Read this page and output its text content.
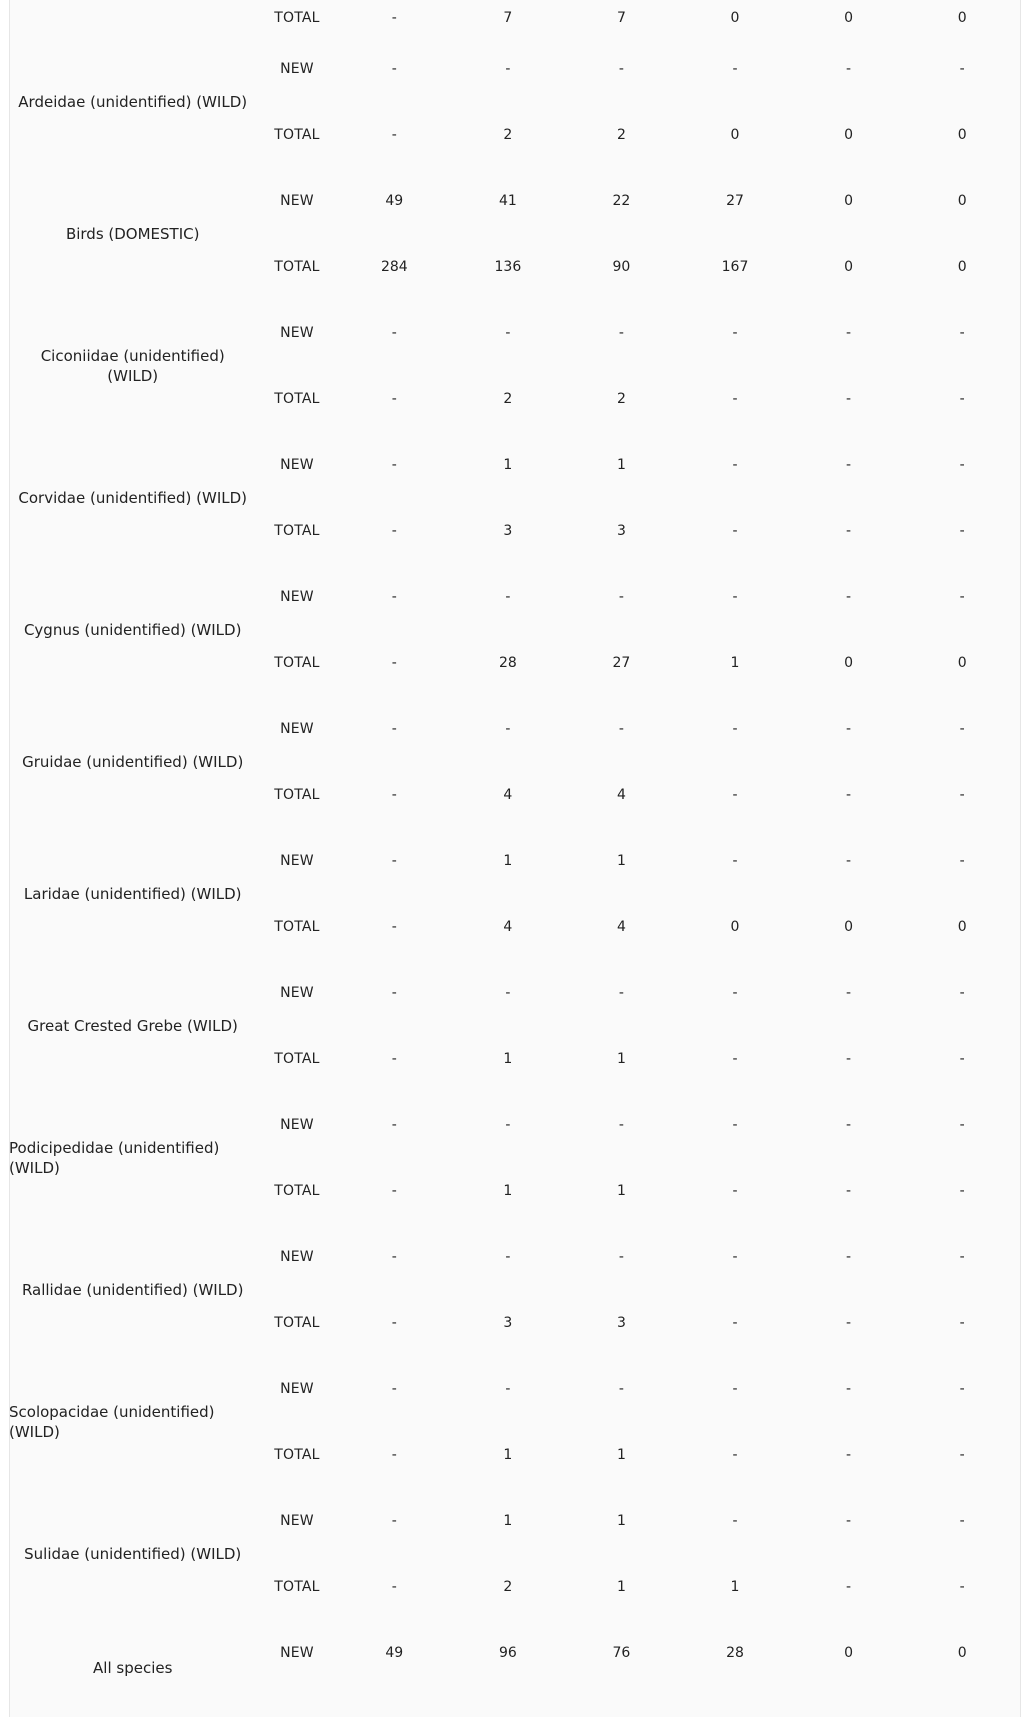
	TOTAL	-	7	7	0	0	0
Ardeidae (unidentified) (WILD)	NEW	-	-	-	-	-	-
	TOTAL	-	2	2	0	0	0
Birds (DOMESTIC)	NEW	49	41	22	27	0	0
	TOTAL	284	136	90	167	0	0
Ciconiidae (unidentified) (WILD)	NEW	-	-	-	-	-	-
	TOTAL	-	2	2	-	-	-
Corvidae (unidentified) (WILD)	NEW	-	1	1	-	-	-
	TOTAL	-	3	3	-	-	-
Cygnus (unidentified) (WILD)	NEW	-	-	-	-	-	-
	TOTAL	-	28	27	1	0	0
Gruidae (unidentified) (WILD)	NEW	-	-	-	-	-	-
	TOTAL	-	4	4	-	-	-
Laridae (unidentified) (WILD)	NEW	-	1	1	-	-	-
	TOTAL	-	4	4	0	0	0
Great Crested Grebe (WILD)	NEW	-	-	-	-	-	-
	TOTAL	-	1	1	-	-	-
Podicipedidae (unidentified) (WILD)	NEW	-	-	-	-	-	-
	TOTAL	-	1	1	-	-	-
Rallidae (unidentified) (WILD)	NEW	-	-	-	-	-	-
	TOTAL	-	3	3	-	-	-
Scolopacidae (unidentified) (WILD)	NEW	-	-	-	-	-	-
	TOTAL	-	1	1	-	-	-
Sulidae (unidentified) (WILD)	NEW	-	1	1	-	-	-
	TOTAL	-	2	1	1	-	-
All species	NEW	49	96	76	28	0	0
